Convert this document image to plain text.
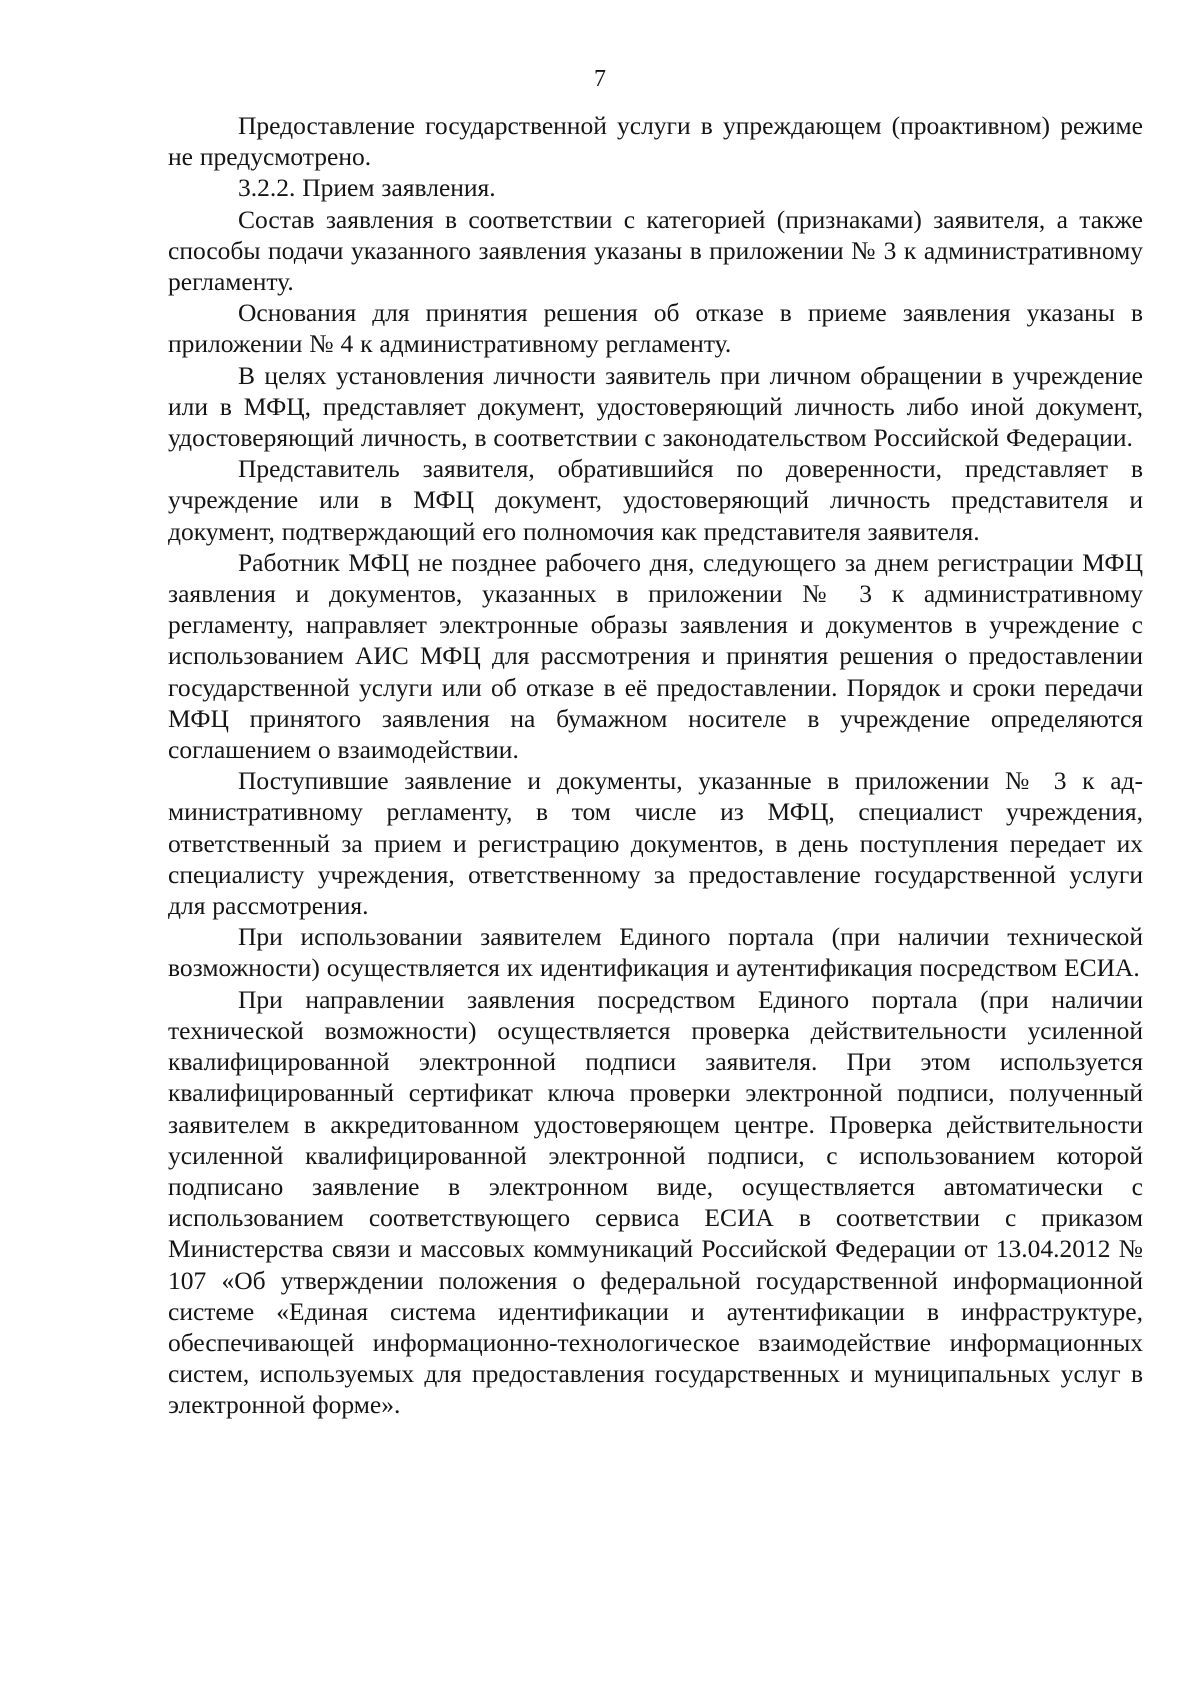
7

Предоставление государственной услуги в упреждающем (проактивном) режиме не предусмотрено.

3.2.2. Прием заявления.

Состав заявления в соответствии с категорией (признаками) заявителя, а также способы подачи указанного заявления указаны в приложении № 3 к административному регламенту.

Основания для принятия решения об отказе в приеме заявления указаны в приложении № 4 к административному регламенту.

В целях установления личности заявитель при личном обращении в учреждение или в МФЦ, представляет документ, удостоверяющий личность либо иной документ, удостоверяющий личность, в соответствии с законодательством Российской Федерации.

Представитель заявителя, обратившийся по доверенности, представляет в учреждение или в МФЦ документ, удостоверяющий личность представителя и документ, подтверждающий его полномочия как представителя заявителя.

Работник МФЦ не позднее рабочего дня, следующего за днем регистрации МФЦ заявления и документов, указанных в приложении № 3 к административному регламенту, направляет электронные образы заявления и документов в учреждение с использованием АИС МФЦ для рассмотрения и принятия решения о предоставлении государственной услуги или об отказе в её предоставлении. Порядок и сроки передачи МФЦ принятого заявления на бумажном носителе в учреждение определяются соглашением о взаимодействии.

Поступившие заявление и документы, указанные в приложении № 3 к административному регламенту, в том числе из МФЦ, специалист учреждения, ответственный за прием и регистрацию документов, в день поступления передает их специалисту учреждения, ответственному за предоставление государственной услуги для рассмотрения.

При использовании заявителем Единого портала (при наличии технической возможности) осуществляется их идентификация и аутентификация посредством ЕСИА.

При направлении заявления посредством Единого портала (при наличии технической возможности) осуществляется проверка действительности усиленной квалифицированной электронной подписи заявителя. При этом используется квалифицированный сертификат ключа проверки электронной подписи, полученный заявителем в аккредитованном удостоверяющем центре. Проверка действительности усиленной квалифицированной электронной подписи, с использованием которой подписано заявление в электронном виде, осуществляется автоматически с использованием соответствующего сервиса ЕСИА в соответствии с приказом Министерства связи и массовых коммуникаций Российской Федерации от 13.04.2012 № 107 «Об утверждении положения о федеральной государственной информационной системе «Единая система идентификации и аутентификации в инфраструктуре, обеспечивающей информационно-технологическое взаимодействие информационных систем, используемых для предоставления государственных и муниципальных услуг в электронной форме».
